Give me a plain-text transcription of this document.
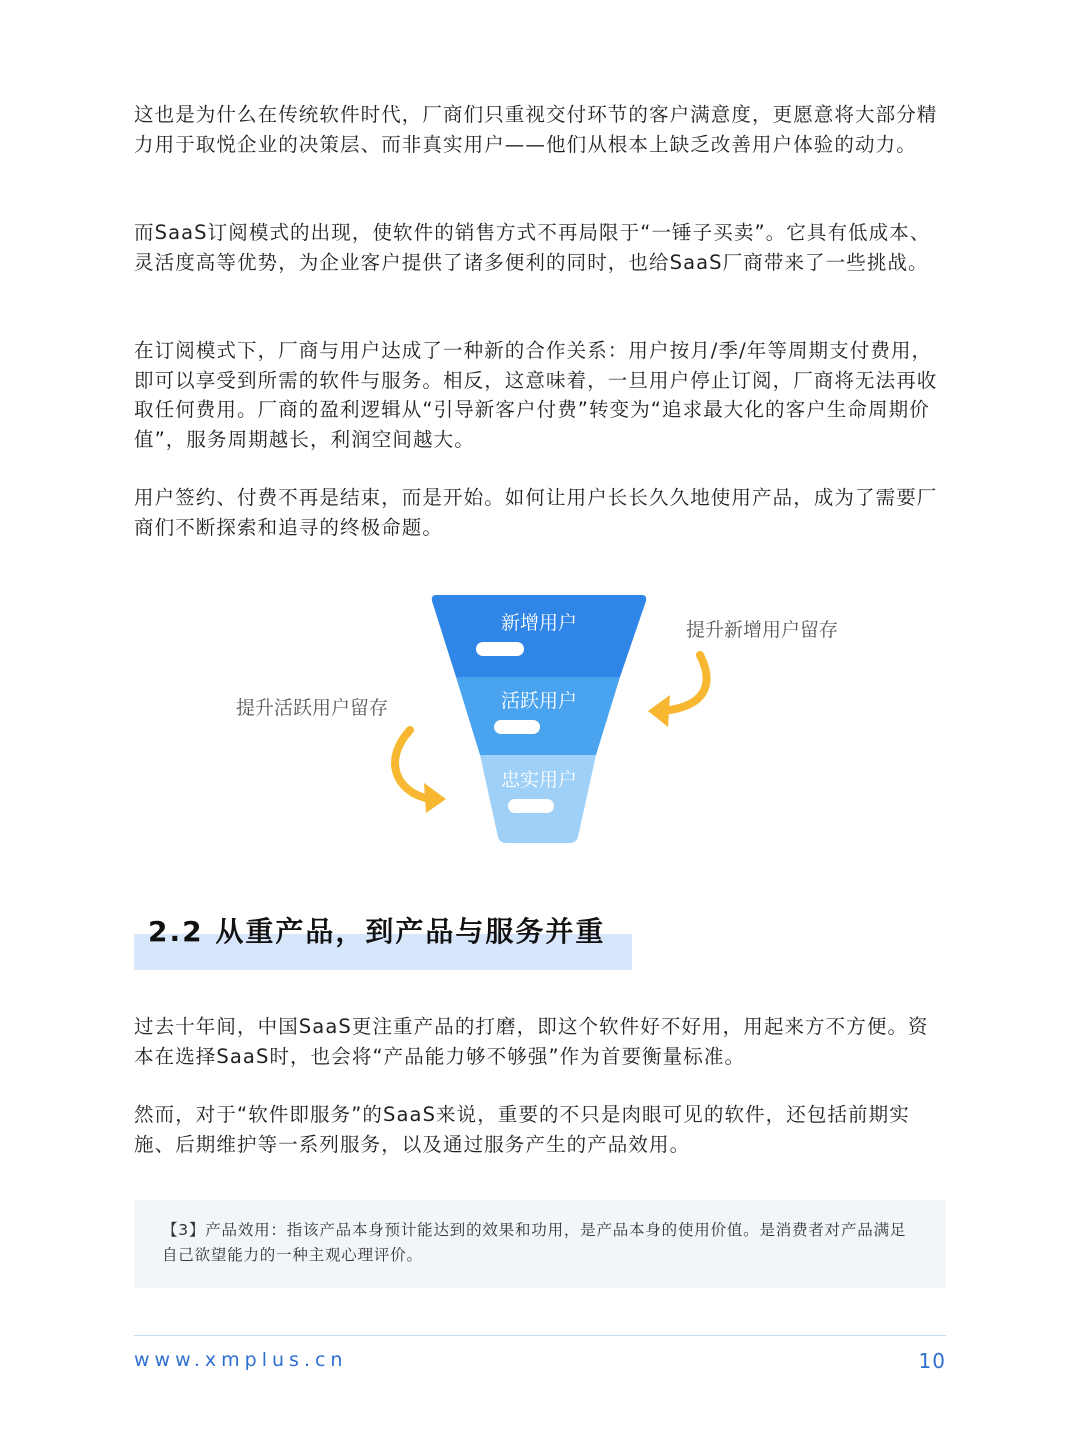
这也是为什么在传统软件时代，厂商们只重视交付环节的客户满意度，更愿意将大部分精力用于取悦企业的决策层、而非真实用户——他们从根本上缺乏改善用户体验的动力。

而SaaS订阅模式的出现，使软件的销售方式不再局限于“一锤子买卖”。它具有低成本、灵活度高等优势，为企业客户提供了诸多便利的同时，也给SaaS厂商带来了一些挑战。

在订阅模式下，厂商与用户达成了一种新的合作关系：用户按月/季/年等周期支付费用，即可以享受到所需的软件与服务。相反，这意味着，一旦用户停止订阅，厂商将无法再收取任何费用。厂商的盈利逻辑从“引导新客户付费”转变为“追求最大化的客户生命周期价值”，服务周期越长，利润空间越大。

用户签约、付费不再是结束，而是开始。如何让用户长长久久地使用产品，成为了需要厂商们不断探索和追寻的终极命题。

新增用户
活跃用户
忠实用户
提升新增用户留存
提升活跃用户留存
2.2 从重产品，到产品与服务并重

过去十年间，中国SaaS更注重产品的打磨，即这个软件好不好用，用起来方不方便。资本在选择SaaS时，也会将“产品能力够不够强”作为首要衡量标准。

然而，对于“软件即服务”的SaaS来说，重要的不只是肉眼可见的软件，还包括前期实施、后期维护等一系列服务，以及通过服务产生的产品效用。

【3】产品效用：指该产品本身预计能达到的效果和功用，是产品本身的使用价值。是消费者对产品满足自己欲望能力的一种主观心理评价。
www.xmplus.cn	10
